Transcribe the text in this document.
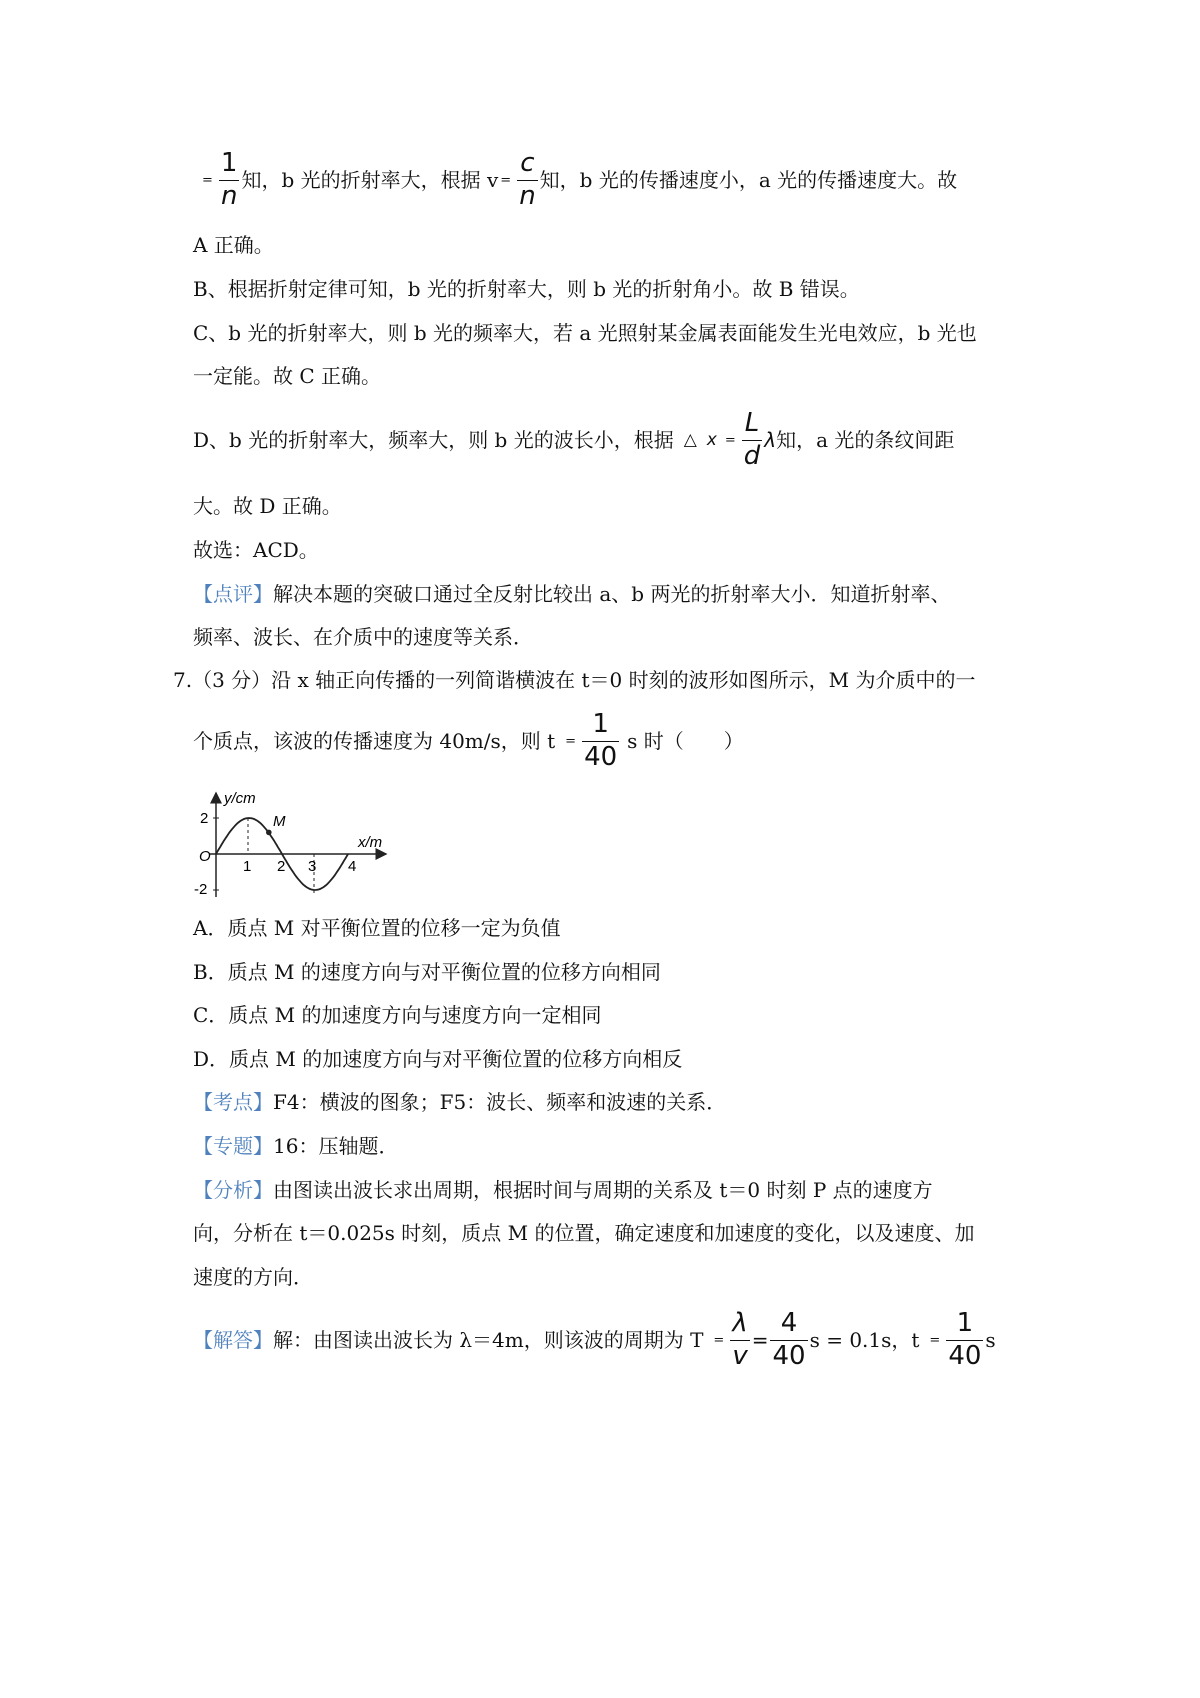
= $\frac{1}{n}$ 知，b 光的折射率大，根据 $v = \frac{c}{n}$ 知，b 光的传播速度小，a 光的传播速度大。故
A 正确。
B、根据折射定律可知，b 光的折射率大，则 b 光的折射角小。故 B 错误。
C、b 光的折射率大，则 b 光的频率大，若 a 光照射某金属表面能发生光电效应，b 光也
一定能。故 C 正确。
D、b 光的折射率大，频率大，则 b 光的波长小，根据 △ $x = \frac{L}{d}$ λ 知，a 光的条纹间距
大。故 D 正确。
故选：ACD。
【点评】解决本题的突破口通过全反射比较出 a、b 两光的折射率大小．知道折射率、
频率、波长、在介质中的速度等关系．
7.（3 分）沿 x 轴正向传播的一列简谐横波在 t＝0 时刻的波形如图所示，M 为介质中的一
个质点，该波的传播速度为 40m/s，则 $t = \frac{1}{40}$ s 时（　　）
y/cm
x/m
O
2
-2
1 2 3 4
M
A．质点 M 对平衡位置的位移一定为负值
B．质点 M 的速度方向与对平衡位置的位移方向相同
C．质点 M 的加速度方向与速度方向一定相同
D．质点 M 的加速度方向与对平衡位置的位移方向相反
【考点】F4：横波的图象；F5：波长、频率和波速的关系．
【专题】16：压轴题．
【分析】由图读出波长求出周期，根据时间与周期的关系及 t＝0 时刻 P 点的速度方
向，分析在 t＝0.025s 时刻，质点 M 的位置，确定速度和加速度的变化，以及速度、加
速度的方向．
【解答】 解：由图读出波长为 λ＝4m，则该波的周期为 $T = \frac{\lambda}{v} = \frac{4}{40}$ s = 0.1s，$t = \frac{1}{40}$ s
